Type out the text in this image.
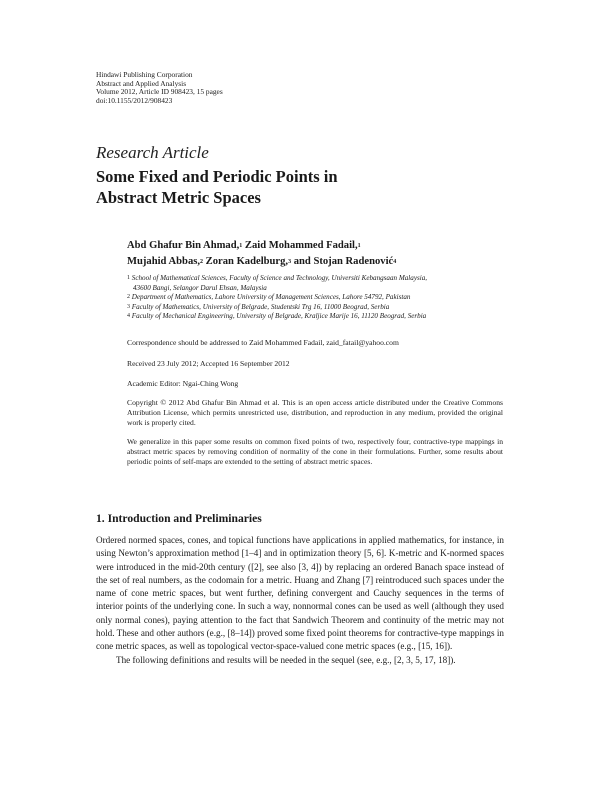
Hindawi Publishing Corporation
Abstract and Applied Analysis
Volume 2012, Article ID 908423, 15 pages
doi:10.1155/2012/908423
Research Article
Some Fixed and Periodic Points in
Abstract Metric Spaces
Abd Ghafur Bin Ahmad,$^1$ Zaid Mohammed Fadail,$^1$
Mujahid Abbas,$^2$ Zoran Kadelburg,$^3$ and Stojan Radenović$^4$
$^1$ School of Mathematical Sciences, Faculty of Science and Technology, Universiti Kebangsaan Malaysia,
43600 Bangi, Selangor Darul Ehsan, Malaysia
$^2$ Department of Mathematics, Lahore University of Management Sciences, Lahore 54792, Pakistan
$^3$ Faculty of Mathematics, University of Belgrade, Studentski Trg 16, 11000 Beograd, Serbia
$^4$ Faculty of Mechanical Engineering, University of Belgrade, Kraljice Marije 16, 11120 Beograd, Serbia
Correspondence should be addressed to Zaid Mohammed Fadail, zaid_fatail@yahoo.com
Received 23 July 2012; Accepted 16 September 2012
Academic Editor: Ngai-Ching Wong
Copyright © 2012 Abd Ghafur Bin Ahmad et al. This is an open access article distributed under the Creative Commons Attribution License, which permits unrestricted use, distribution, and reproduction in any medium, provided the original work is properly cited.
We generalize in this paper some results on common fixed points of two, respectively four, contractive-type mappings in abstract metric spaces by removing condition of normality of the cone in their formulations. Further, some results about periodic points of self-maps are extended to the setting of abstract metric spaces.
1. Introduction and Preliminaries

Ordered normed spaces, cones, and topical functions have applications in applied mathematics, for instance, in using Newton’s approximation method [1–4] and in optimization theory [5, 6]. K-metric and K-normed spaces were introduced in the mid-20th century ([2], see also [3, 4]) by replacing an ordered Banach space instead of the set of real numbers, as the codomain for a metric. Huang and Zhang [7] reintroduced such spaces under the name of cone metric spaces, but went further, defining convergent and Cauchy sequences in the terms of interior points of the underlying cone. In such a way, nonnormal cones can be used as well (although they used only normal cones), paying attention to the fact that Sandwich Theorem and continuity of the metric may not hold. These and other authors (e.g., [8–14]) proved some fixed point theorems for contractive-type mappings in cone metric spaces, as well as topological vector-space-valued cone metric spaces (e.g., [15, 16]).

The following definitions and results will be needed in the sequel (see, e.g., [2, 3, 5, 17, 18]).
